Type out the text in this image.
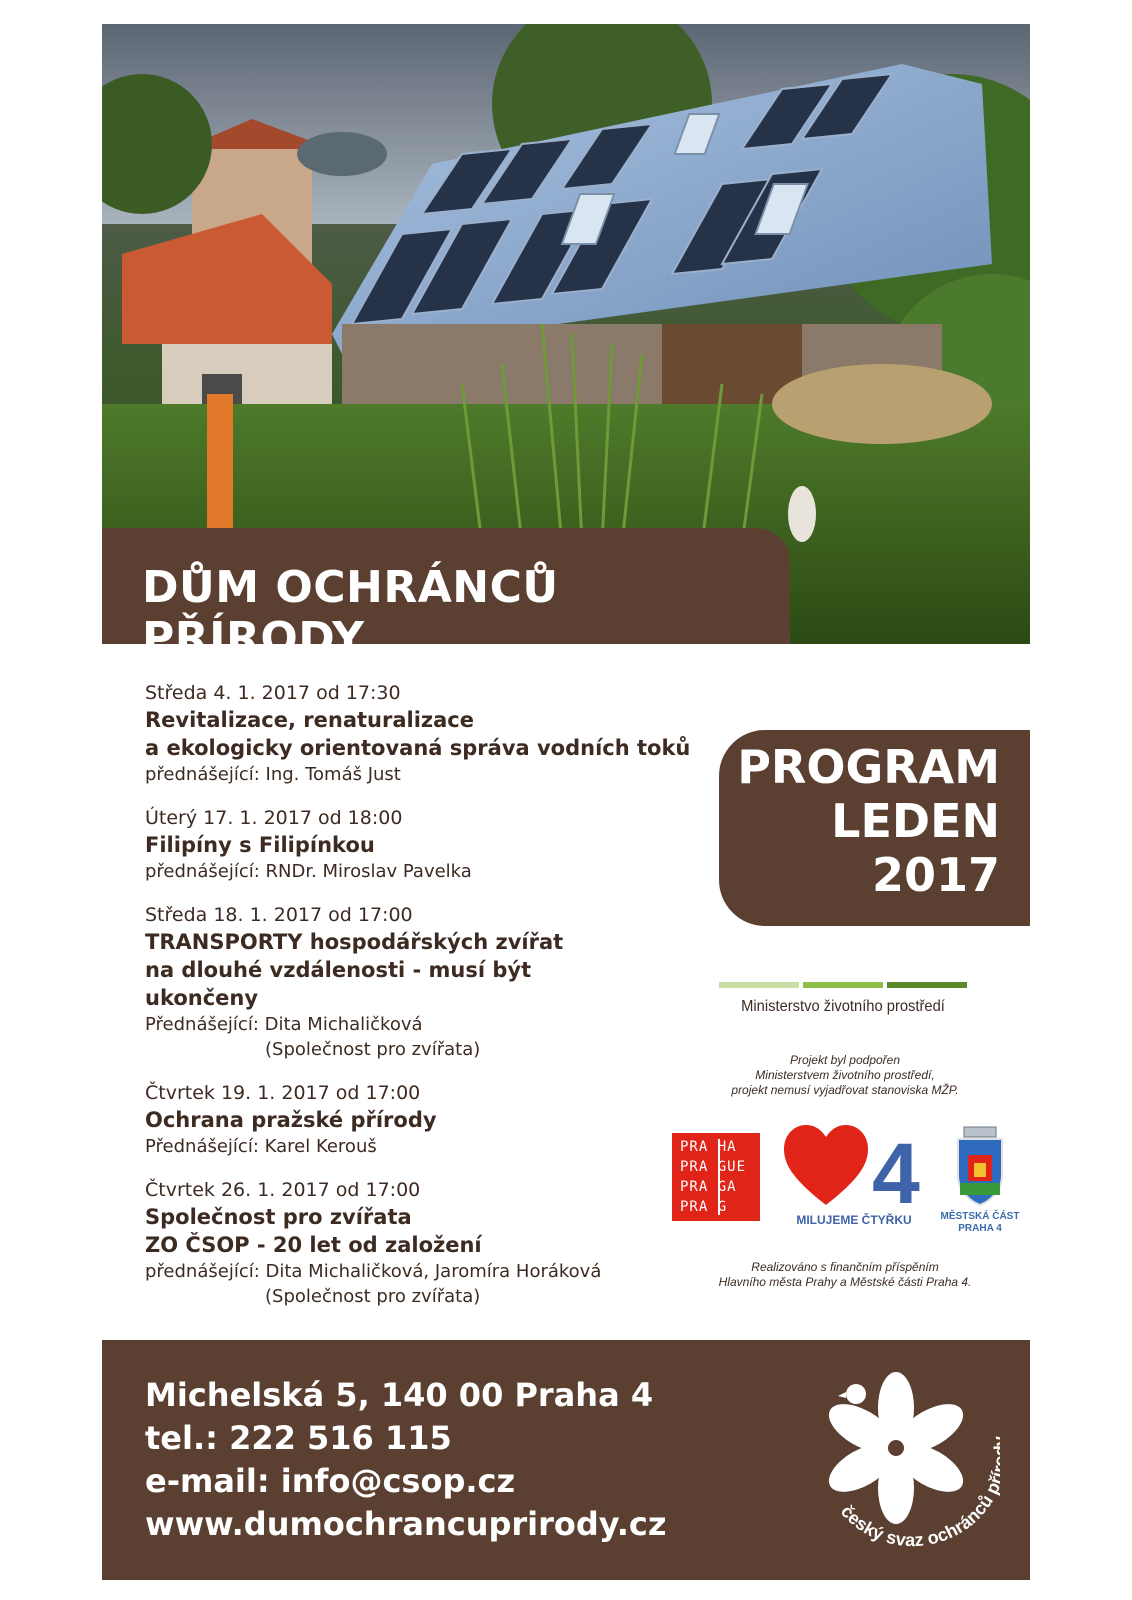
DŮM OCHRÁNCŮ PŘÍRODY
Středa 4. 1. 2017 od 17:30
Revitalizace, renaturalizace
a ekologicky orientovaná správa vodních toků
přednášející: Ing. Tomáš Just
Úterý 17. 1. 2017 od 18:00
Filipíny s Filipínkou
přednášející: RNDr. Miroslav Pavelka
Středa 18. 1. 2017 od 17:00
TRANSPORTY hospodářských zvířat
na dlouhé vzdálenosti - musí být
ukončeny
Přednášející: Dita Michaličková
(Společnost pro zvířata)
Čtvrtek 19. 1. 2017 od 17:00
Ochrana pražské přírody
Přednášející: Karel Kerouš
Čtvrtek 26. 1. 2017 od 17:00
Společnost pro zvířata
ZO ČSOP - 20 let od založení
přednášející: Dita Michaličková, Jaromíra Horáková
(Společnost pro zvířata)
PROGRAM
LEDEN
2017
Ministerstvo životního prostředí
Projekt byl podpořen
Ministerstvem životního prostředí,
projekt nemusí vyjadřovat stanoviska MŽP.
PRA HA
PRA GUE
PRA GA
PRA G 4
MILUJEME ČTYŘKU	MĚSTSKÁ ČÁST
PRAHA 4
Realizováno s finančním příspěním
Hlavního města Prahy a Městské části Praha 4.
Michelská 5, 140 00 Praha 4
tel.: 222 516 115
e-mail: info@csop.cz
www.dumochrancuprirody.cz	český svaz ochránců
